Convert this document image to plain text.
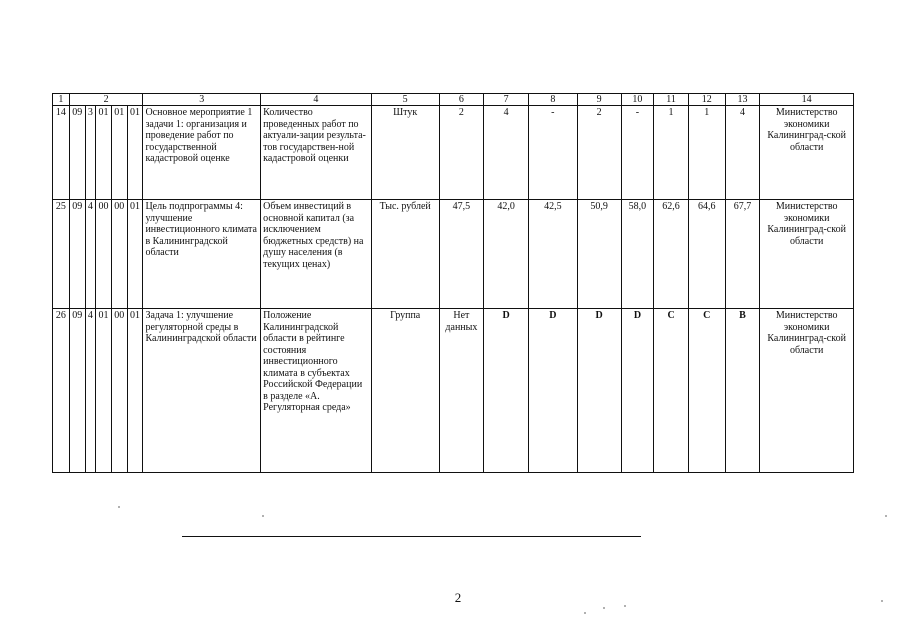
1	2					3	4	5	6	7	8	9	10	11	12	13	14
14	09	3	01	01	01	Основное мероприятие 1 задачи 1: организация и проведение работ по государственной кадастровой оценке	Количество проведенных работ по актуали-зации результа-тов государствен-ной кадастровой оценки	Штук	2	4	-	2	-	1	1	4	Министерство экономики Калининград-ской области
25	09	4	00	00	01	Цель подпрограммы 4: улучшение инвестиционного климата в Калининградской области	Объем инвестиций в основной капитал (за исключением бюджетных средств) на душу населения (в текущих ценах)	Тыс. рублей	47,5	42,0	42,5	50,9	58,0	62,6	64,6	67,7	Министерство экономики Калининград-ской области
26	09	4	01	00	01	Задача 1: улучшение регуляторной среды в Калининградской области	Положение Калининградской области в рейтинге состояния инвестиционного климата в субъектах Российской Федерации в разделе «А. Регуляторная среда»	Группа	Нет данных	D	D	D	D	C	C	B	Министерство экономики Калининград-ской области
2
